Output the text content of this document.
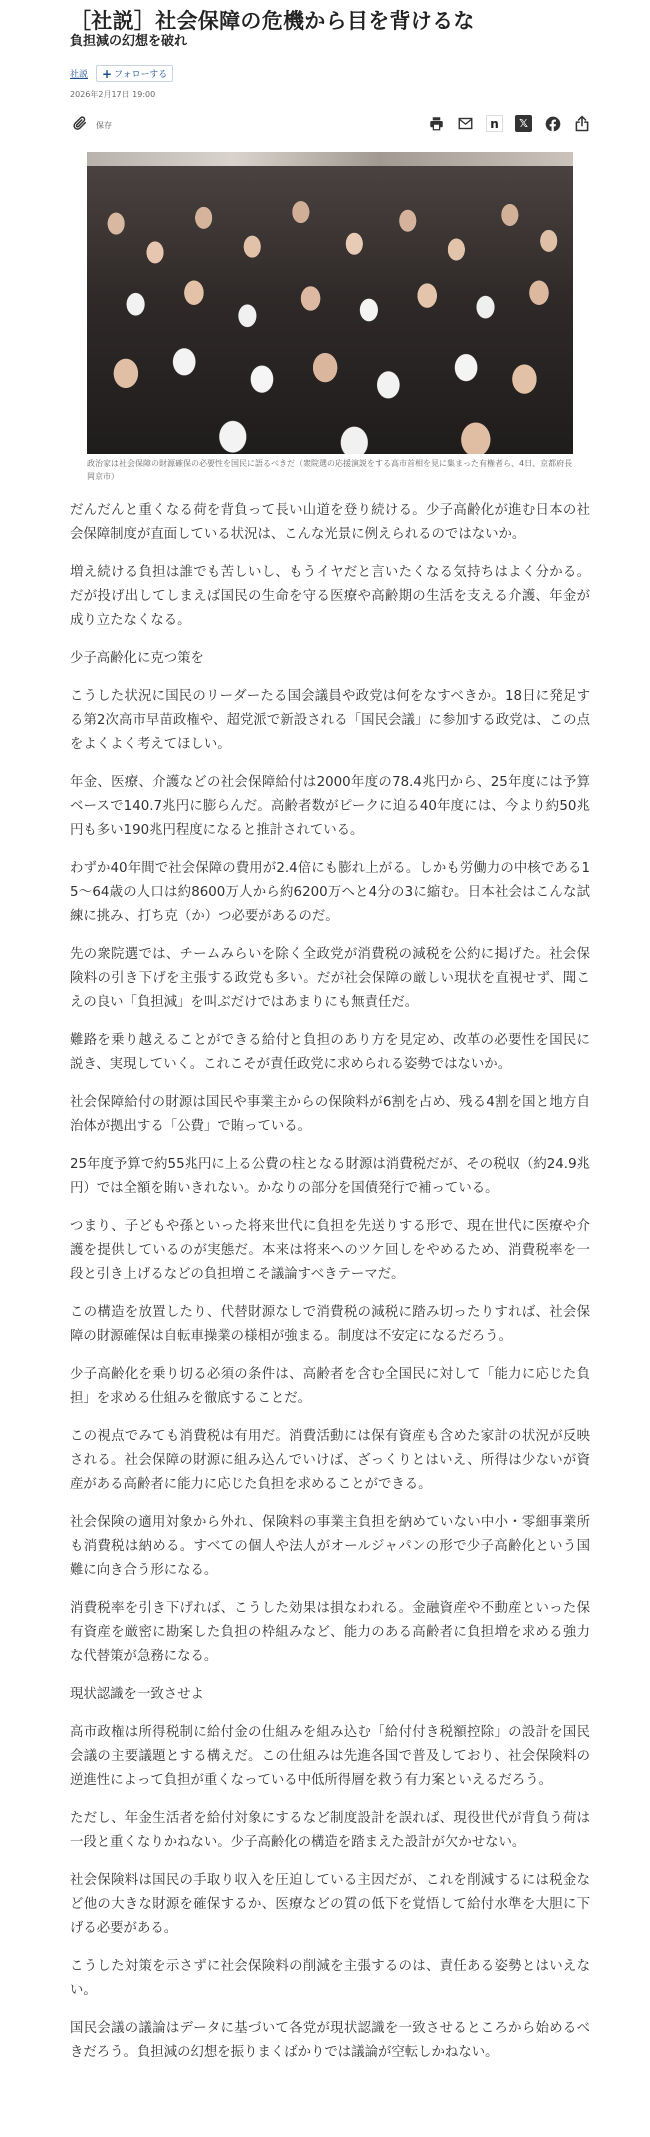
［社説］社会保障の危機から目を背けるな
負担減の幻想を破れ
社説 + フォローする
2026年2月17日 19:00
保存	n	𝕏
政治家は社会保障の財源確保の必要性を国民に語るべきだ（衆院選の応援演説をする高市首相を見に集まった有権者ら、4日、京都府長岡京市）

だんだんと重くなる荷を背負って長い山道を登り続ける。少子高齢化が進む日本の社会保障制度が直面している状況は、こんな光景に例えられるのではないか。

増え続ける負担は誰でも苦しいし、もうイヤだと言いたくなる気持ちはよく分かる。だが投げ出してしまえば国民の生命を守る医療や高齢期の生活を支える介護、年金が成り立たなくなる。

少子高齢化に克つ策を

こうした状況に国民のリーダーたる国会議員や政党は何をなすべきか。18日に発足する第2次高市早苗政権や、超党派で新設される「国民会議」に参加する政党は、この点をよくよく考えてほしい。

年金、医療、介護などの社会保障給付は2000年度の78.4兆円から、25年度には予算ベースで140.7兆円に膨らんだ。高齢者数がピークに迫る40年度には、今より約50兆円も多い190兆円程度になると推計されている。

わずか40年間で社会保障の費用が2.4倍にも膨れ上がる。しかも労働力の中核である15～64歳の人口は約8600万人から約6200万へと4分の3に縮む。日本社会はこんな試練に挑み、打ち克（か）つ必要があるのだ。

先の衆院選では、チームみらいを除く全政党が消費税の減税を公約に掲げた。社会保険料の引き下げを主張する政党も多い。だが社会保障の厳しい現状を直視せず、聞こえの良い「負担減」を叫ぶだけではあまりにも無責任だ。

難路を乗り越えることができる給付と負担のあり方を見定め、改革の必要性を国民に説き、実現していく。これこそが責任政党に求められる姿勢ではないか。

社会保障給付の財源は国民や事業主からの保険料が6割を占め、残る4割を国と地方自治体が拠出する「公費」で賄っている。

25年度予算で約55兆円に上る公費の柱となる財源は消費税だが、その税収（約24.9兆円）では全額を賄いきれない。かなりの部分を国債発行で補っている。

つまり、子どもや孫といった将来世代に負担を先送りする形で、現在世代に医療や介護を提供しているのが実態だ。本来は将来へのツケ回しをやめるため、消費税率を一段と引き上げるなどの負担増こそ議論すべきテーマだ。

この構造を放置したり、代替財源なしで消費税の減税に踏み切ったりすれば、社会保障の財源確保は自転車操業の様相が強まる。制度は不安定になるだろう。

少子高齢化を乗り切る必須の条件は、高齢者を含む全国民に対して「能力に応じた負担」を求める仕組みを徹底することだ。

この視点でみても消費税は有用だ。消費活動には保有資産も含めた家計の状況が反映される。社会保障の財源に組み込んでいけば、ざっくりとはいえ、所得は少ないが資産がある高齢者に能力に応じた負担を求めることができる。

社会保険の適用対象から外れ、保険料の事業主負担を納めていない中小・零細事業所も消費税は納める。すべての個人や法人がオールジャパンの形で少子高齢化という国難に向き合う形になる。

消費税率を引き下げれば、こうした効果は損なわれる。金融資産や不動産といった保有資産を厳密に勘案した負担の枠組みなど、能力のある高齢者に負担増を求める強力な代替策が急務になる。

現状認識を一致させよ

高市政権は所得税制に給付金の仕組みを組み込む「給付付き税額控除」の設計を国民会議の主要議題とする構えだ。この仕組みは先進各国で普及しており、社会保険料の逆進性によって負担が重くなっている中低所得層を救う有力案といえるだろう。

ただし、年金生活者を給付対象にするなど制度設計を誤れば、現役世代が背負う荷は一段と重くなりかねない。少子高齢化の構造を踏まえた設計が欠かせない。

社会保険料は国民の手取り収入を圧迫している主因だが、これを削減するには税金など他の大きな財源を確保するか、医療などの質の低下を覚悟して給付水準を大胆に下げる必要がある。

こうした対策を示さずに社会保険料の削減を主張するのは、責任ある姿勢とはいえない。

国民会議の議論はデータに基づいて各党が現状認識を一致させるところから始めるべきだろう。負担減の幻想を振りまくばかりでは議論が空転しかねない。
